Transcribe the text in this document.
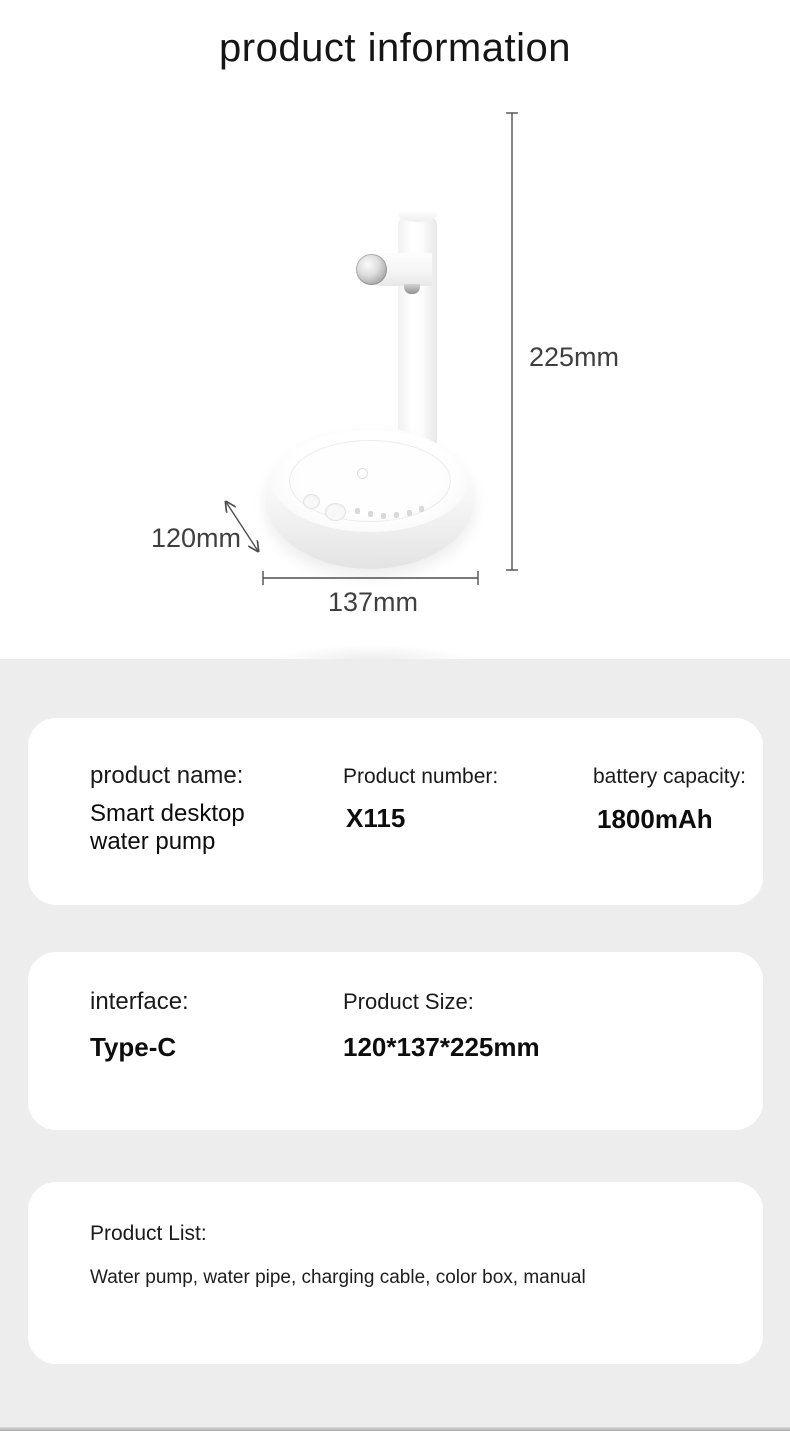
product information
225mm
120mm
137mm
product name:
Smart desktop water pump
Product number:
X115
battery capacity:
1800mAh
interface:
Type-C
Product Size:
120*137*225mm
Product List:
Water pump, water pipe, charging cable, color box, manual
